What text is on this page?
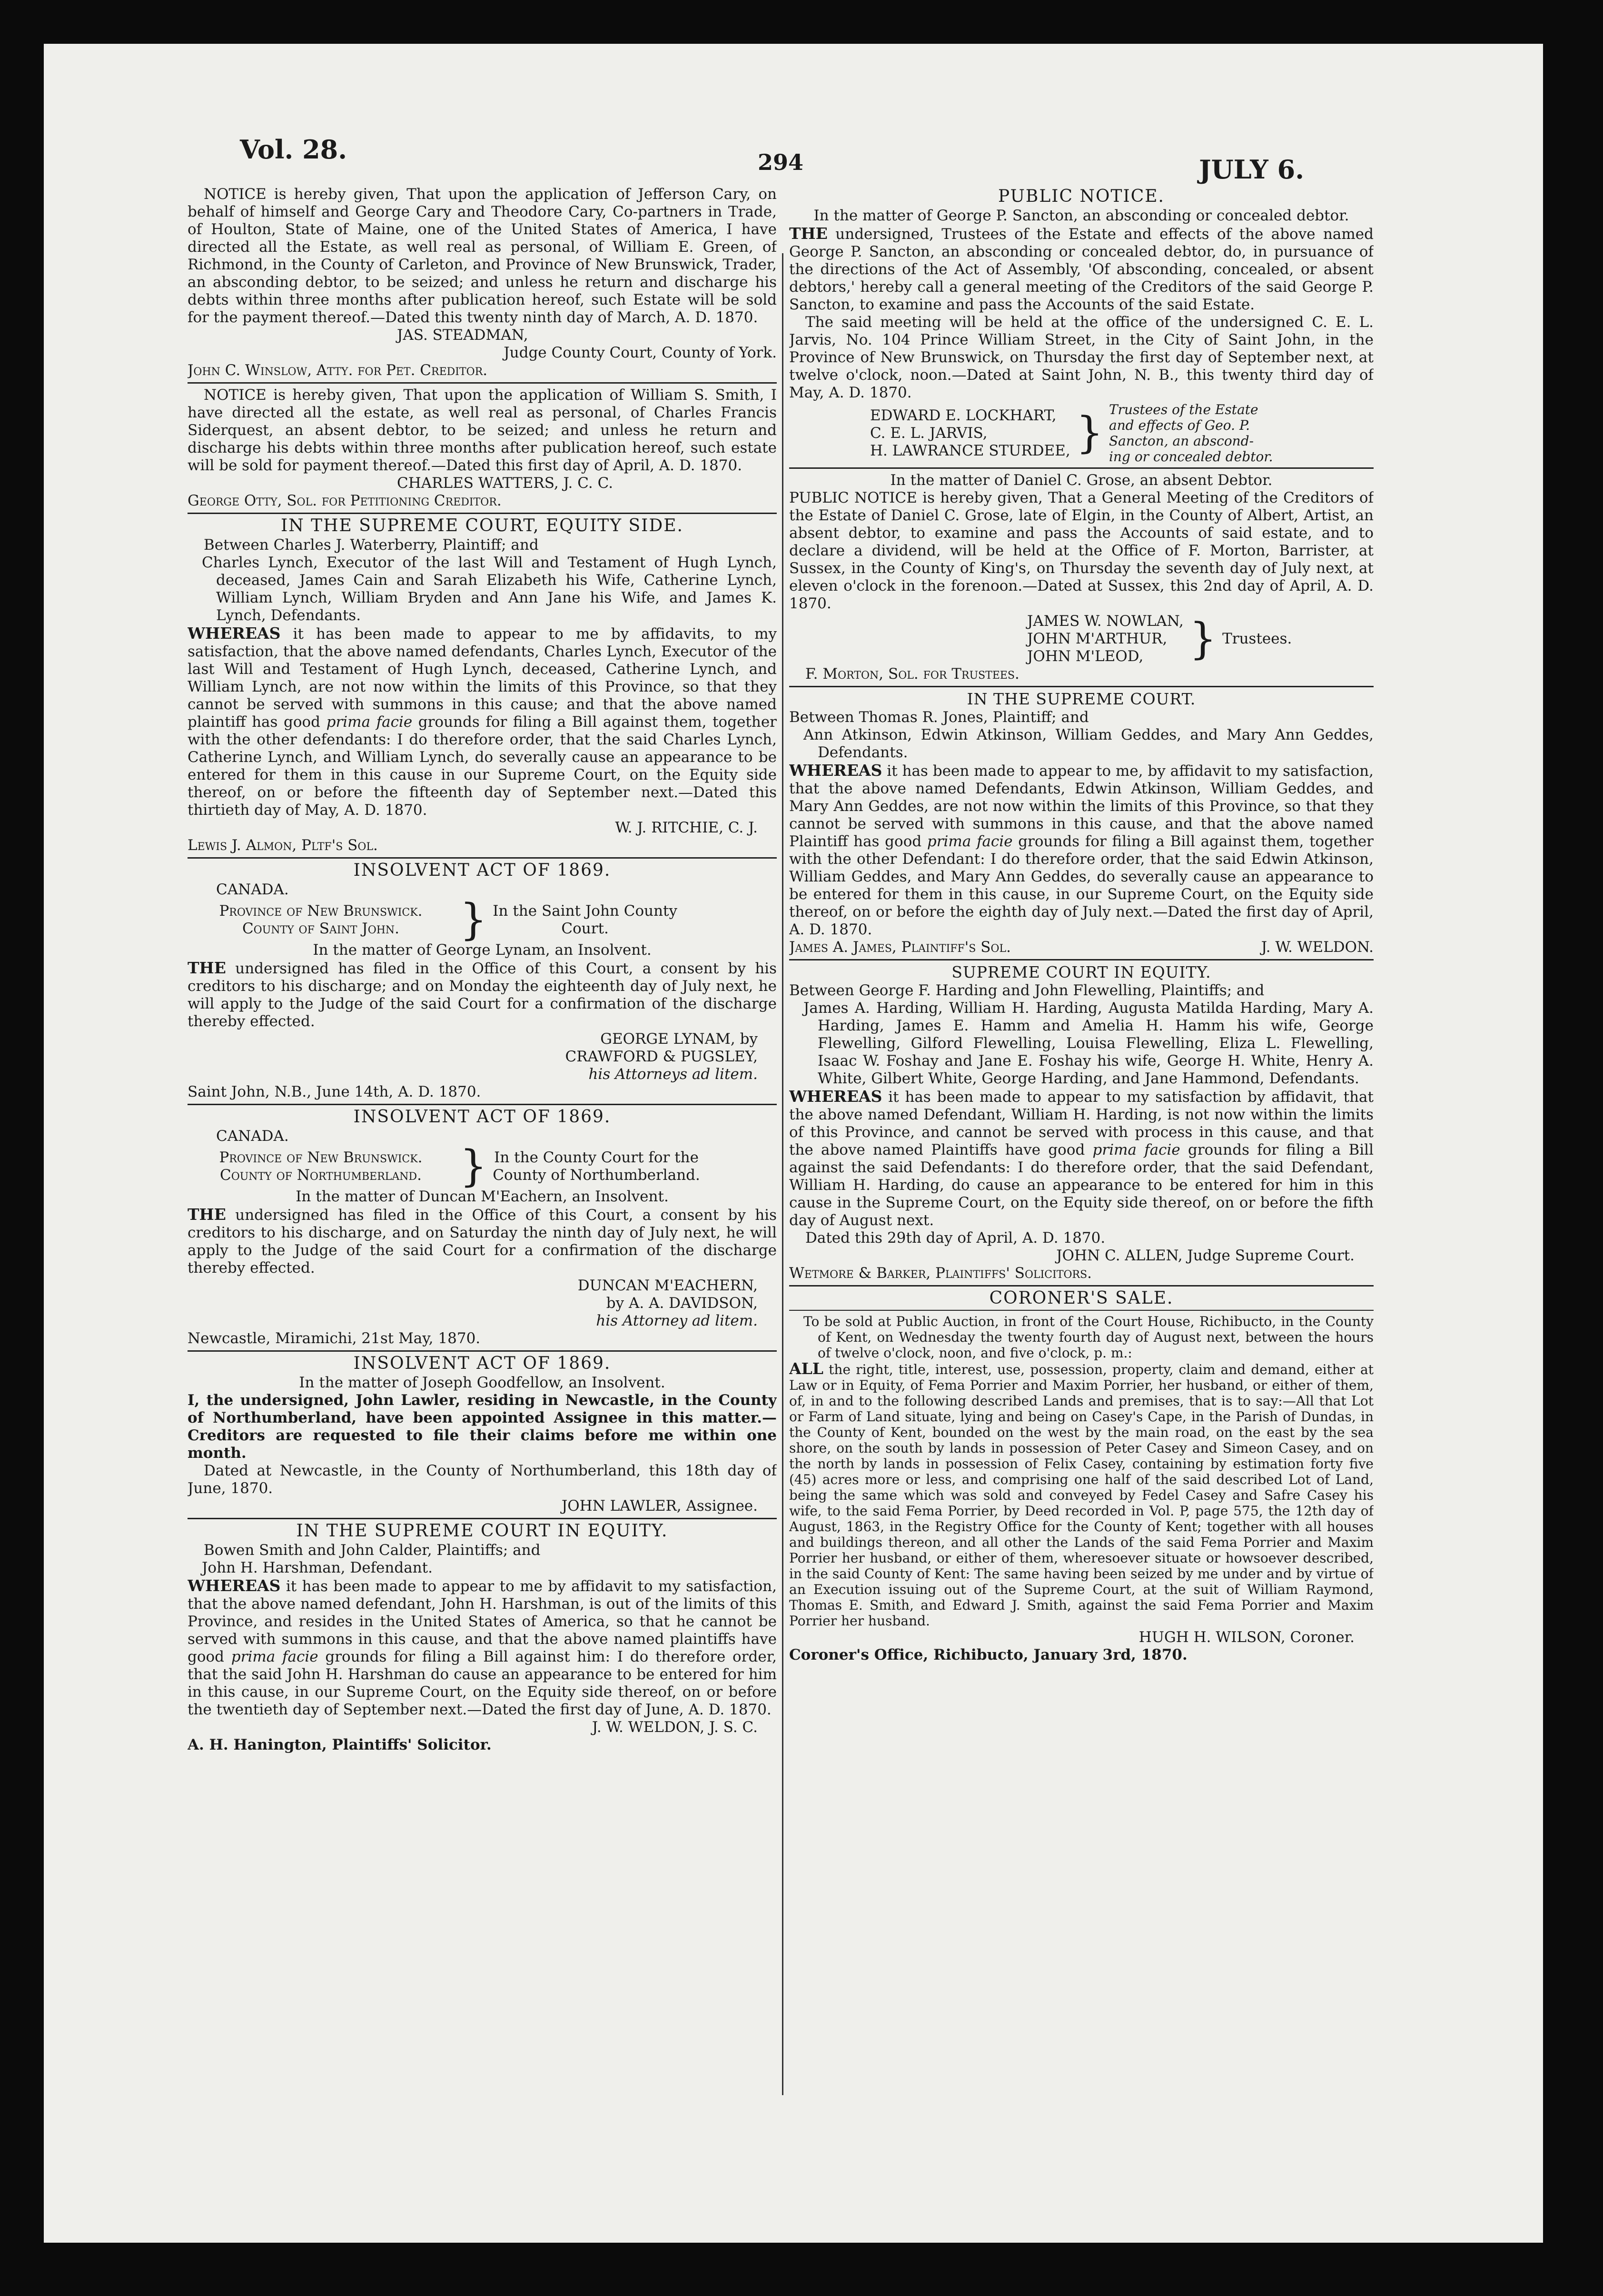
Vol. 28.	294	JULY 6.

NOTICE is hereby given, That upon the application of Jefferson Cary, on behalf of himself and George Cary and Theodore Cary, Co-partners in Trade, of Houlton, State of Maine, one of the United States of America, I have directed all the Estate, as well real as personal, of William E. Green, of Richmond, in the County of Carleton, and Province of New Brunswick, Trader, an absconding debtor, to be seized; and unless he return and discharge his debts within three months after publication hereof, such Estate will be sold for the payment thereof.—Dated this twenty ninth day of March, A. D. 1870.

JAS. STEADMAN,

Judge County Court, County of York.

John C. Winslow, Atty. for Pet. Creditor.

NOTICE is hereby given, That upon the application of William S. Smith, I have directed all the estate, as well real as personal, of Charles Francis Siderquest, an absent debtor, to be seized; and unless he return and discharge his debts within three months after publication hereof, such estate will be sold for payment thereof.—Dated this first day of April, A. D. 1870.

CHARLES WATTERS, J. C. C.

George Otty, Sol. for Petitioning Creditor.

IN THE SUPREME COURT, EQUITY SIDE.

Between Charles J. Waterberry, Plaintiff; and

Charles Lynch, Executor of the last Will and Testament of Hugh Lynch, deceased, James Cain and Sarah Elizabeth his Wife, Catherine Lynch, William Lynch, William Bryden and Ann Jane his Wife, and James K. Lynch, Defendants.

WHEREAS it has been made to appear to me by affidavits, to my satisfaction, that the above named defendants, Charles Lynch, Executor of the last Will and Testament of Hugh Lynch, deceased, Catherine Lynch, and William Lynch, are not now within the limits of this Province, so that they cannot be served with summons in this cause; and that the above named plaintiff has good prima facie grounds for filing a Bill against them, together with the other defendants: I do therefore order, that the said Charles Lynch, Catherine Lynch, and William Lynch, do severally cause an appearance to be entered for them in this cause in our Supreme Court, on the Equity side thereof, on or before the fifteenth day of September next.—Dated this thirtieth day of May, A. D. 1870.

W. J. RITCHIE, C. J.

Lewis J. Almon, Pltf's Sol.

INSOLVENT ACT OF 1869.

CANADA.

Province of New Brunswick.
County of Saint John.	} In the Saint John County
Court.

In the matter of George Lynam, an Insolvent.

THE undersigned has filed in the Office of this Court, a consent by his creditors to his discharge; and on Monday the eighteenth day of July next, he will apply to the Judge of the said Court for a confirmation of the discharge thereby effected.

GEORGE LYNAM, by

CRAWFORD & PUGSLEY,

his Attorneys ad litem.

Saint John, N.B., June 14th, A. D. 1870.

INSOLVENT ACT OF 1869.

CANADA.

Province of New Brunswick.
County of Northumberland. } In the County Court for the
County of Northumberland.

In the matter of Duncan M'Eachern, an Insolvent.

THE undersigned has filed in the Office of this Court, a consent by his creditors to his discharge, and on Saturday the ninth day of July next, he will apply to the Judge of the said Court for a confirmation of the discharge thereby effected.

DUNCAN M'EACHERN,

by A. A. DAVIDSON,

his Attorney ad litem.

Newcastle, Miramichi, 21st May, 1870.

INSOLVENT ACT OF 1869.

In the matter of Joseph Goodfellow, an Insolvent.

I, the undersigned, John Lawler, residing in Newcastle, in the County of Northumberland, have been appointed Assignee in this matter.—Creditors are requested to file their claims before me within one month.

Dated at Newcastle, in the County of Northumberland, this 18th day of June, 1870.

JOHN LAWLER, Assignee.

IN THE SUPREME COURT IN EQUITY.

Bowen Smith and John Calder, Plaintiffs; and

John H. Harshman, Defendant.

WHEREAS it has been made to appear to me by affidavit to my satisfaction, that the above named defendant, John H. Harshman, is out of the limits of this Province, and resides in the United States of America, so that he cannot be served with summons in this cause, and that the above named plaintiffs have good prima facie grounds for filing a Bill against him: I do therefore order, that the said John H. Harshman do cause an appearance to be entered for him in this cause, in our Supreme Court, on the Equity side thereof, on or before the twentieth day of September next.—Dated the first day of June, A. D. 1870.

J. W. WELDON, J. S. C.

A. H. Hanington, Plaintiffs' Solicitor.

PUBLIC NOTICE.

In the matter of George P. Sancton, an absconding or concealed debtor.

THE undersigned, Trustees of the Estate and effects of the above named George P. Sancton, an absconding or concealed debtor, do, in pursuance of the directions of the Act of Assembly, 'Of absconding, concealed, or absent debtors,' hereby call a general meeting of the Creditors of the said George P. Sancton, to examine and pass the Accounts of the said Estate.

The said meeting will be held at the office of the undersigned C. E. L. Jarvis, No. 104 Prince William Street, in the City of Saint John, in the Province of New Brunswick, on Thursday the first day of September next, at twelve o'clock, noon.—Dated at Saint John, N. B., this twenty third day of May, A. D. 1870.

EDWARD E. LOCKHART,
C. E. L. JARVIS,
H. LAWRANCE STURDEE, } Trustees of the Estate
and effects of Geo. P.
Sancton, an abscond-
ing or concealed debtor.

In the matter of Daniel C. Grose, an absent Debtor.

PUBLIC NOTICE is hereby given, That a General Meeting of the Creditors of the Estate of Daniel C. Grose, late of Elgin, in the County of Albert, Artist, an absent debtor, to examine and pass the Accounts of said estate, and to declare a dividend, will be held at the Office of F. Morton, Barrister, at Sussex, in the County of King's, on Thursday the seventh day of July next, at eleven o'clock in the forenoon.—Dated at Sussex, this 2nd day of April, A. D. 1870.

JAMES W. NOWLAN,
JOHN M'ARTHUR,
JOHN M'LEOD,	} Trustees.

F. Morton, Sol. for Trustees.

IN THE SUPREME COURT.

Between Thomas R. Jones, Plaintiff; and

Ann Atkinson, Edwin Atkinson, William Geddes, and Mary Ann Geddes, Defendants.

WHEREAS it has been made to appear to me, by affidavit to my satisfaction, that the above named Defendants, Edwin Atkinson, William Geddes, and Mary Ann Geddes, are not now within the limits of this Province, so that they cannot be served with summons in this cause, and that the above named Plaintiff has good prima facie grounds for filing a Bill against them, together with the other Defendant: I do therefore order, that the said Edwin Atkinson, William Geddes, and Mary Ann Geddes, do severally cause an appearance to be entered for them in this cause, in our Supreme Court, on the Equity side thereof, on or before the eighth day of July next.—Dated the first day of April, A. D. 1870.

James A. James, Plaintiff's Sol.	J. W. WELDON.
SUPREME COURT IN EQUITY.

Between George F. Harding and John Flewelling, Plaintiffs; and

James A. Harding, William H. Harding, Augusta Matilda Harding, Mary A. Harding, James E. Hamm and Amelia H. Hamm his wife, George Flewelling, Gilford Flewelling, Louisa Flewelling, Eliza L. Flewelling, Isaac W. Foshay and Jane E. Foshay his wife, George H. White, Henry A. White, Gilbert White, George Harding, and Jane Hammond, Defendants.

WHEREAS it has been made to appear to my satisfaction by affidavit, that the above named Defendant, William H. Harding, is not now within the limits of this Province, and cannot be served with process in this cause, and that the above named Plaintiffs have good prima facie grounds for filing a Bill against the said Defendants: I do therefore order, that the said Defendant, William H. Harding, do cause an appearance to be entered for him in this cause in the Supreme Court, on the Equity side thereof, on or before the fifth day of August next.

Dated this 29th day of April, A. D. 1870.

JOHN C. ALLEN, Judge Supreme Court.

Wetmore & Barker, Plaintiffs' Solicitors.

CORONER'S SALE.

To be sold at Public Auction, in front of the Court House, Richibucto, in the County of Kent, on Wednesday the twenty fourth day of August next, between the hours of twelve o'clock, noon, and five o'clock, p. m.:

ALL the right, title, interest, use, possession, property, claim and demand, either at Law or in Equity, of Fema Porrier and Maxim Porrier, her husband, or either of them, of, in and to the following described Lands and premises, that is to say:—All that Lot or Farm of Land situate, lying and being on Casey's Cape, in the Parish of Dundas, in the County of Kent, bounded on the west by the main road, on the east by the sea shore, on the south by lands in possession of Peter Casey and Simeon Casey, and on the north by lands in possession of Felix Casey, containing by estimation forty five (45) acres more or less, and comprising one half of the said described Lot of Land, being the same which was sold and conveyed by Fedel Casey and Safre Casey his wife, to the said Fema Porrier, by Deed recorded in Vol. P, page 575, the 12th day of August, 1863, in the Registry Office for the County of Kent; together with all houses and buildings thereon, and all other the Lands of the said Fema Porrier and Maxim Porrier her husband, or either of them, wheresoever situate or howsoever described, in the said County of Kent: The same having been seized by me under and by virtue of an Execution issuing out of the Supreme Court, at the suit of William Raymond, Thomas E. Smith, and Edward J. Smith, against the said Fema Porrier and Maxim Porrier her husband.

HUGH H. WILSON, Coroner.

Coroner's Office, Richibucto, January 3rd, 1870.
